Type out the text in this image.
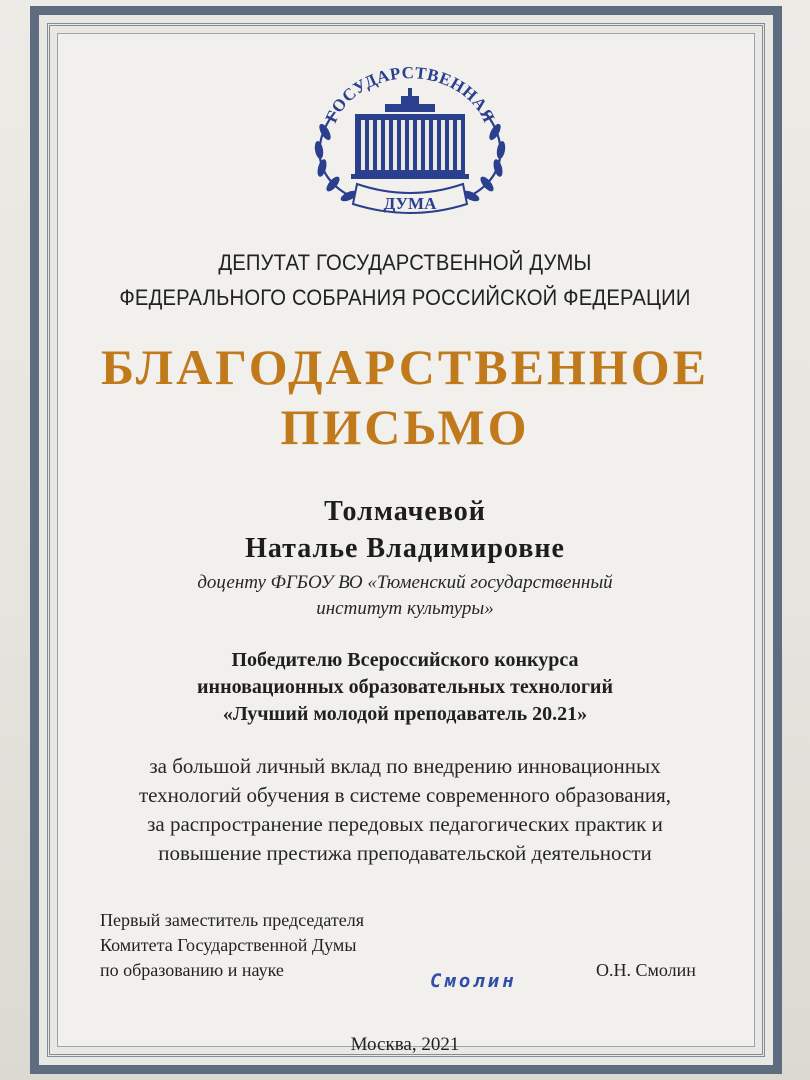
ГОСУДАРСТВЕННАЯ
ДУМА
ДЕПУТАТ ГОСУДАРСТВЕННОЙ ДУМЫ
ФЕДЕРАЛЬНОГО СОБРАНИЯ РОССИЙСКОЙ ФЕДЕРАЦИИ
БЛАГОДАРСТВЕННОЕ
ПИСЬМО
Толмачевой
Наталье Владимировне
доценту ФГБОУ ВО «Тюменский государственный
институт культуры»
Победителю Всероссийского конкурса
инновационных образовательных технологий
«Лучший молодой преподаватель 20.21»
за большой личный вклад по внедрению инновационных
технологий обучения в системе современного образования,
за распространение передовых педагогических практик и
повышение престижа преподавательской деятельности
Первый заместитель председателя
Комитета Государственной Думы
по образованию и науке	Смолин	О.Н. Смолин
Москва, 2021
